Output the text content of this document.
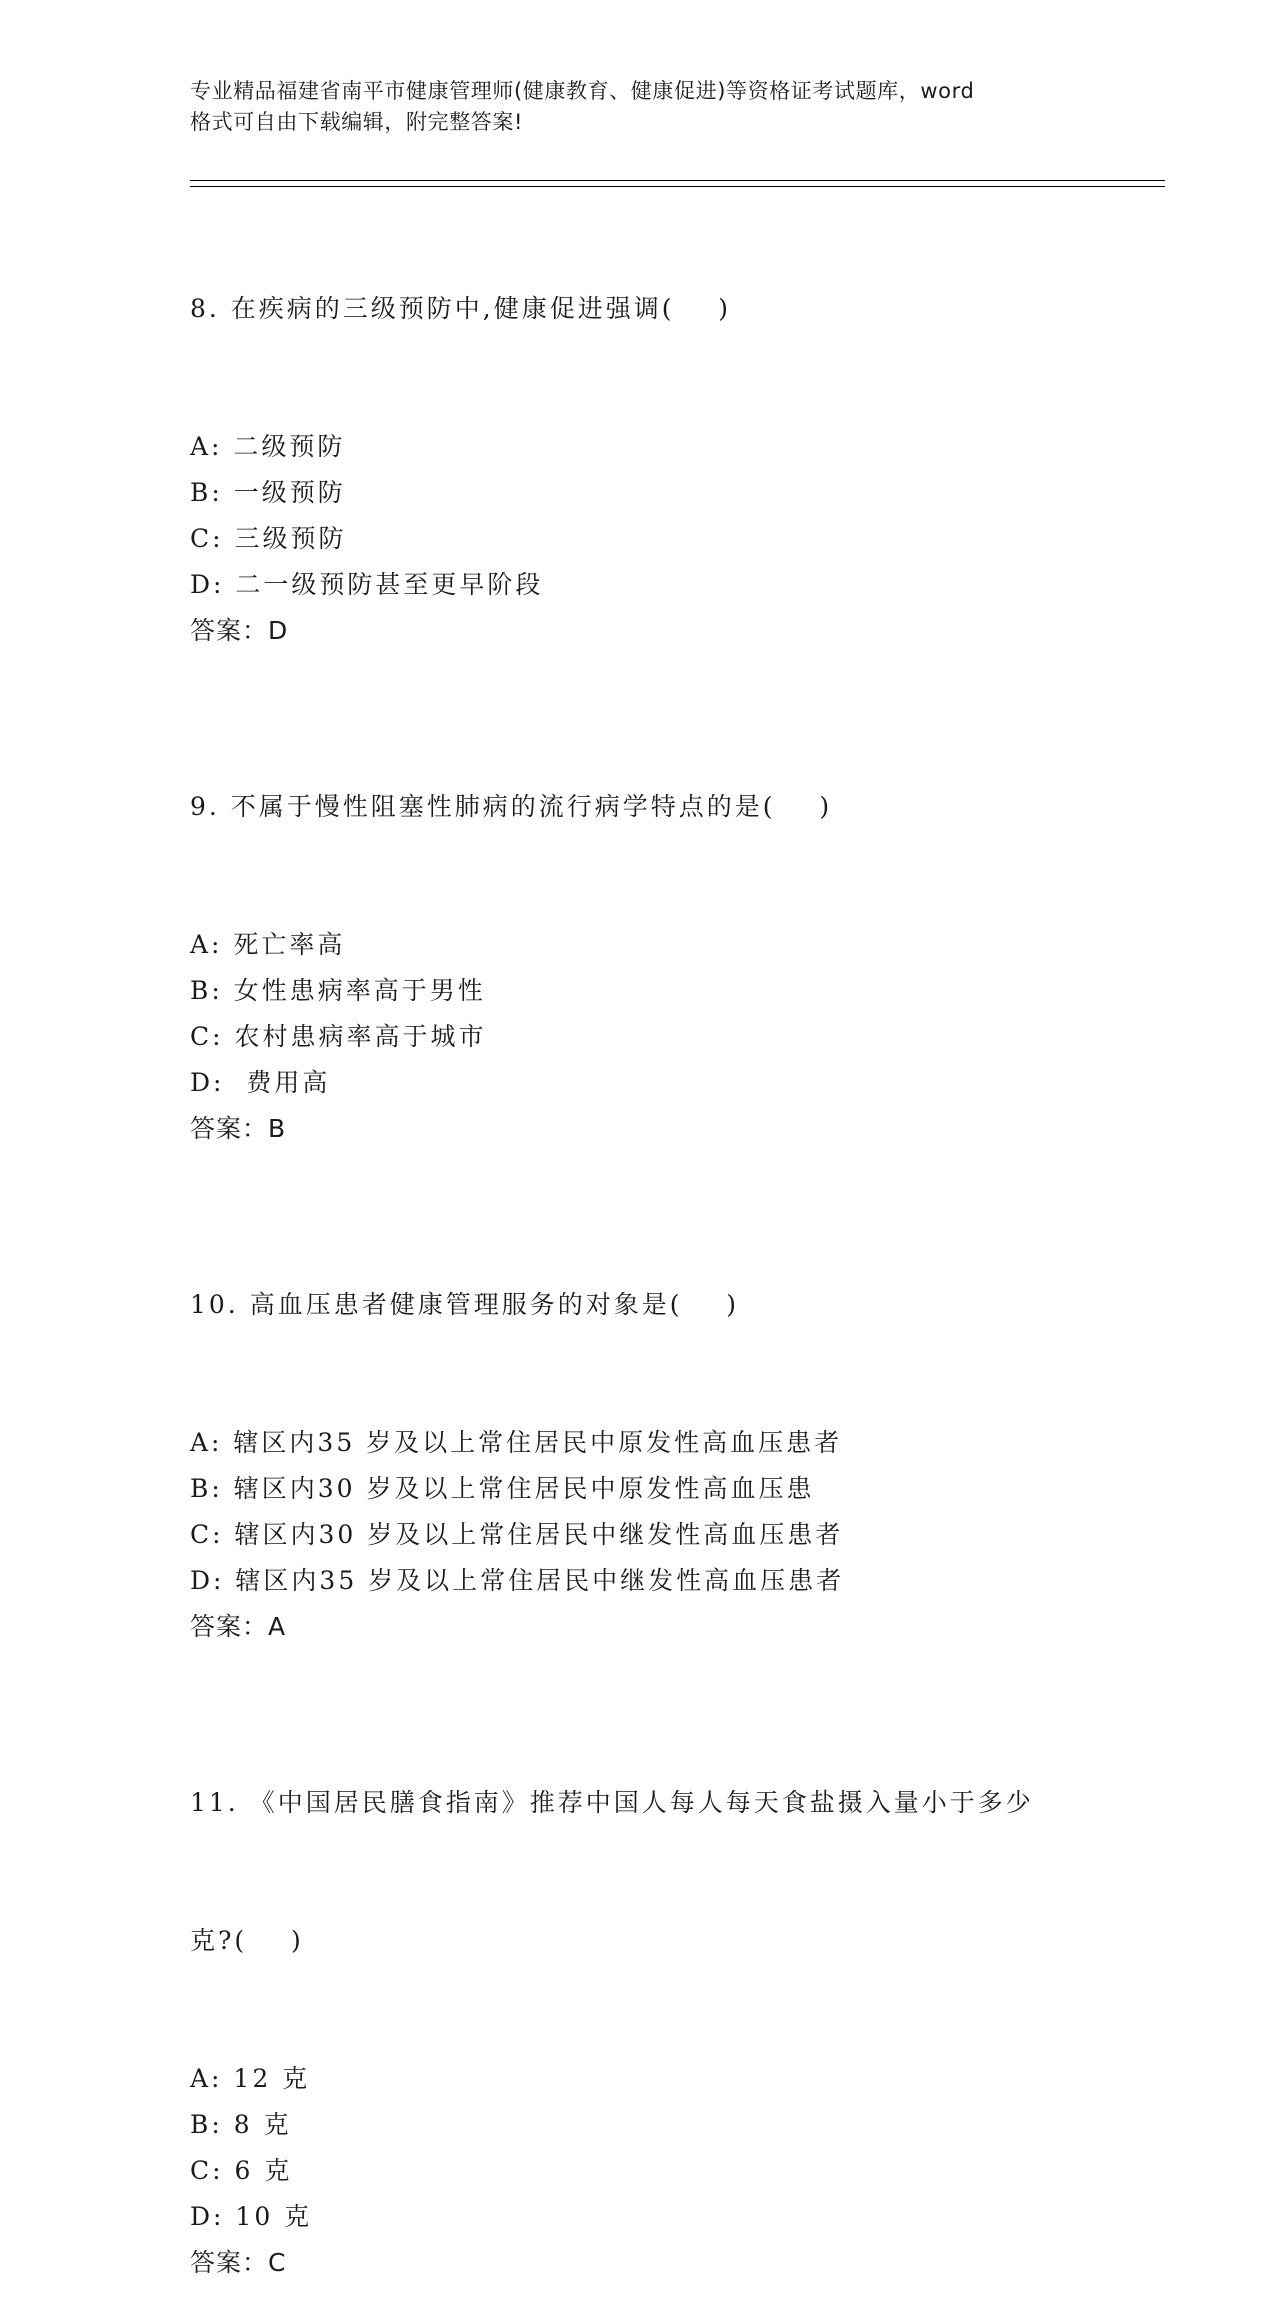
专业精品福建省南平市健康管理师(健康教育、健康促进)等资格证考试题库，word
格式可自由下载编辑，附完整答案!

8. 在疾病的三级预防中,健康促进强调(    )

A: 二级预防
B: 一级预防
C: 三级预防
D: 二一级预防甚至更早阶段
答案：D

9. 不属于慢性阻塞性肺病的流行病学特点的是(    )

A: 死亡率高
B: 女性患病率高于男性
C: 农村患病率高于城市
D:  费用高
答案：B

10. 高血压患者健康管理服务的对象是(    )

A: 辖区内35 岁及以上常住居民中原发性高血压患者
B: 辖区内30 岁及以上常住居民中原发性高血压患
C: 辖区内30 岁及以上常住居民中继发性高血压患者
D: 辖区内35 岁及以上常住居民中继发性高血压患者
答案：A

11. 《中国居民膳食指南》推荐中国人每人每天食盐摄入量小于多少

克?(    )

A: 12 克
B: 8 克
C: 6 克
D: 10 克
答案：C
